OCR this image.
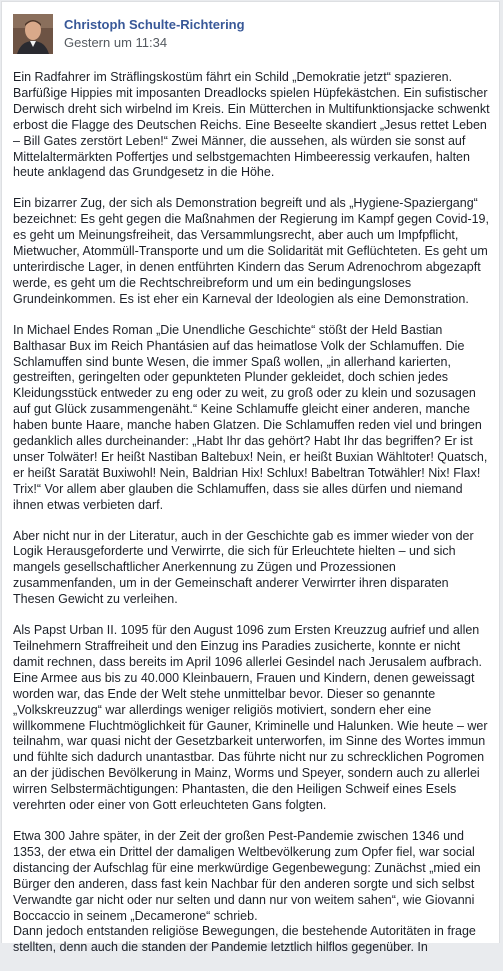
Christoph Schulte-Richtering
Gestern um 11:34

Ein Radfahrer im Sträflingskostüm fährt ein Schild „Demokratie jetzt“ spazieren. Barfüßige Hippies mit imposanten Dreadlocks spielen Hüpfekästchen. Ein sufistischer Derwisch dreht sich wirbelnd im Kreis. Ein Mütterchen in Multifunktionsjacke schwenkt erbost die Flagge des Deutschen Reichs. Eine Beseelte skandiert „Jesus rettet Leben – Bill Gates zerstört Leben!“ Zwei Männer, die aussehen, als würden sie sonst auf Mittelaltermärkten Poffertjes und selbstgemachten Himbeeressig verkaufen, halten heute anklagend das Grundgesetz in die Höhe.

Ein bizarrer Zug, der sich als Demonstration begreift und als „Hygiene-Spaziergang“ bezeichnet: Es geht gegen die Maßnahmen der Regierung im Kampf gegen Covid-19, es geht um Meinungsfreiheit, das Versammlungsrecht, aber auch um Impfpflicht, Mietwucher, Atommüll-Transporte und um die Solidarität mit Geflüchteten. Es geht um unterirdische Lager, in denen entführten Kindern das Serum Adrenochrom abgezapft werde, es geht um die Rechtschreibreform und um ein bedingungsloses Grundeinkommen. Es ist eher ein Karneval der Ideologien als eine Demonstration.

In Michael Endes Roman „Die Unendliche Geschichte“ stößt der Held Bastian Balthasar Bux im Reich Phantásien auf das heimatlose Volk der Schlamuffen. Die Schlamuffen sind bunte Wesen, die immer Spaß wollen, „in allerhand karierten, gestreiften, geringelten oder gepunkteten Plunder gekleidet, doch schien jedes Kleidungsstück entweder zu eng oder zu weit, zu groß oder zu klein und sozusagen auf gut Glück zusammengenäht.“ Keine Schlamuffe gleicht einer anderen, manche haben bunte Haare, manche haben Glatzen. Die Schlamuffen reden viel und bringen gedanklich alles durcheinander: „Habt Ihr das gehört? Habt Ihr das begriffen? Er ist unser Tolwäter! Er heißt Nastiban Baltebux! Nein, er heißt Buxian Wähltoter! Quatsch, er heißt Saratät Buxiwohl! Nein, Baldrian Hix! Schlux! Babeltran Totwähler! Nix! Flax! Trix!“ Vor allem aber glauben die Schlamuffen, dass sie alles dürfen und niemand ihnen etwas verbieten darf.

Aber nicht nur in der Literatur, auch in der Geschichte gab es immer wieder von der Logik Herausgeforderte und Verwirrte, die sich für Erleuchtete hielten – und sich mangels gesellschaftlicher Anerkennung zu Zügen und Prozessionen zusammenfanden, um in der Gemeinschaft anderer Verwirrter ihren disparaten Thesen Gewicht zu verleihen.

Als Papst Urban II. 1095 für den August 1096 zum Ersten Kreuzzug aufrief und allen Teilnehmern Straffreiheit und den Einzug ins Paradies zusicherte, konnte er nicht damit rechnen, dass bereits im April 1096 allerlei Gesindel nach Jerusalem aufbrach. Eine Armee aus bis zu 40.000 Kleinbauern, Frauen und Kindern, denen geweissagt worden war, das Ende der Welt stehe unmittelbar bevor. Dieser so genannte „Volkskreuzzug“ war allerdings weniger religiös motiviert, sondern eher eine willkommene Fluchtmöglichkeit für Gauner, Kriminelle und Halunken. Wie heute – wer teilnahm, war quasi nicht der Gesetzbarkeit unterworfen, im Sinne des Wortes immun und fühlte sich dadurch unantastbar. Das führte nicht nur zu schrecklichen Pogromen an der jüdischen Bevölkerung in Mainz, Worms und Speyer, sondern auch zu allerlei wirren Selbstermächtigungen: Phantasten, die den Heiligen Schweif eines Esels verehrten oder einer von Gott erleuchteten Gans folgten.

Etwa 300 Jahre später, in der Zeit der großen Pest-Pandemie zwischen 1346 und 1353, der etwa ein Drittel der damaligen Weltbevölkerung zum Opfer fiel, war social distancing der Aufschlag für eine merkwürdige Gegenbewegung: Zunächst „mied ein Bürger den anderen, dass fast kein Nachbar für den anderen sorgte und sich selbst Verwandte gar nicht oder nur selten und dann nur von weitem sahen“, wie Giovanni Boccaccio in seinem „Decamerone“ schrieb.

Dann jedoch entstanden religiöse Bewegungen, die bestehende Autoritäten in frage stellten, denn auch die standen der Pandemie letztlich hilflos gegenüber. In
